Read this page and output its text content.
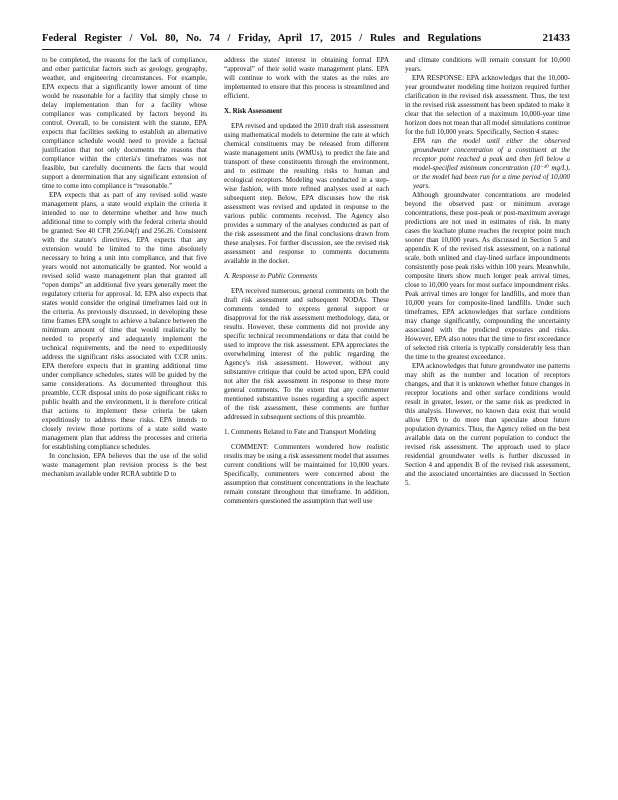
Federal Register / Vol. 80, No. 74 / Friday, April 17, 2015 / Rules and Regulations	21433

to be completed, the reasons for the lack of compliance, and other particular factors such as geology, geography, weather, and engineering circumstances. For example, EPA expects that a significantly lower amount of time would be reasonable for a facility that simply chose to delay implementation than for a facility whose compliance was complicated by factors beyond its control. Overall, to be consistent with the statute, EPA expects that facilities seeking to establish an alternative compliance schedule would need to provide a factual justification that not only documents the reasons that compliance within the criteria's timeframes was not feasible, but carefully documents the facts that would support a determination that any significant extension of time to come into compliance is “reasonable.”

EPA expects that as part of any revised solid waste management plans, a state would explain the criteria it intended to use to determine whether and how much additional time to comply with the federal criteria should be granted. See 40 CFR 256.04(f) and 256.26. Consistent with the statute's directives, EPA expects that any extension would be limited to the time absolutely necessary to bring a unit into compliance, and that five years would not automatically be granted. Nor would a revised solid waste management plan that granted all “open dumps” an additional five years generally meet the regulatory criteria for approval. Id. EPA also expects that states would consider the original timeframes laid out in the criteria. As previously discussed, in developing these time frames EPA sought to achieve a balance between the minimum amount of time that would realistically be needed to properly and adequately implement the technical requirements, and the need to expeditiously address the significant risks associated with CCR units. EPA therefore expects that in granting additional time under compliance schedules, states will be guided by the same considerations. As documented throughout this preamble, CCR disposal units do pose significant risks to public health and the environment, it is therefore critical that actions to implement these criteria be taken expeditiously to address these risks. EPA intends to closely review those portions of a state solid waste management plan that address the processes and criteria for establishing compliance schedules.

In conclusion, EPA believes that the use of the solid waste management plan revision process is the best mechanism available under RCRA subtitle D to

address the states' interest in obtaining formal EPA “approval” of their solid waste management plans. EPA will continue to work with the states as the rules are implemented to ensure that this process is streamlined and efficient.

X. Risk Assessment

EPA revised and updated the 2010 draft risk assessment using mathematical models to determine the rate at which chemical constituents may be released from different waste management units (WMUs), to predict the fate and transport of these constituents through the environment, and to estimate the resulting risks to human and ecological receptors. Modeling was conducted in a step-wise fashion, with more refined analyses used at each subsequent step. Below, EPA discusses how the risk assessment was revised and updated in response to the various public comments received. The Agency also provides a summary of the analyses conducted as part of the risk assessment and the final conclusions drawn from these analyses. For further discussion, see the revised risk assessment and response to comments documents available in the docket.

A. Response to Public Comments

EPA received numerous, general comments on both the draft risk assessment and subsequent NODAs. These comments tended to express general support or disapproval for the risk assessment methodology, data, or results. However, these comments did not provide any specific technical recommendations or data that could be used to improve the risk assessment. EPA appreciates the overwhelming interest of the public regarding the Agency's risk assessment. However, without any substantive critique that could be acted upon, EPA could not alter the risk assessment in response to these more general comments. To the extent that any commenter mentioned substantive issues regarding a specific aspect of the risk assessment, these comments are further addressed in subsequent sections of this preamble.

1. Comments Related to Fate and Transport Modeling

COMMENT: Commenters wondered how realistic results may be using a risk assessment model that assumes current conditions will be maintained for 10,000 years. Specifically, commenters were concerned about the assumption that constituent concentrations in the leachate remain constant throughout that timeframe. In addition, commenters questioned the assumption that well use

and climate conditions will remain constant for 10,000 years.

EPA RESPONSE: EPA acknowledges that the 10,000-year groundwater modeling time horizon required further clarification in the revised risk assessment. Thus, the text in the revised risk assessment has been updated to make it clear that the selection of a maximum 10,000-year time horizon does not mean that all model simulations continue for the full 10,000 years. Specifically, Section 4 states:

EPA ran the model until either the observed groundwater concentration of a constituent at the receptor point reached a peak and then fell below a model-specified minimum concentration (10⁻²⁰ mg/L), or the model had been run for a time period of 10,000 years.

Although groundwater concentrations are modeled beyond the observed past or minimum average concentrations, these post-peak or post-maximum average predictions are not used in estimates of risk. In many cases the leachate plume reaches the receptor point much sooner than 10,000 years. As discussed in Section 5 and appendix K of the revised risk assessment, on a national scale, both unlined and clay-lined surface impoundments consistently pose peak risks within 100 years. Meanwhile, composite liners show much longer peak arrival times, close to 10,000 years for most surface impoundment risks. Peak arrival times are longer for landfills, and more than 10,000 years for composite-lined landfills. Under such timeframes, EPA acknowledges that surface conditions may change significantly, compounding the uncertainty associated with the predicted exposures and risks. However, EPA also notes that the time to first exceedance of selected risk criteria is typically considerably less than the time to the greatest exceedance.

EPA acknowledges that future groundwater use patterns may shift as the number and location of receptors changes, and that it is unknown whether future changes in receptor locations and other surface conditions would result in greater, lesser, or the same risk as predicted in this analysis. However, no known data exist that would allow EPA to do more than speculate about future population dynamics. Thus, the Agency relied on the best available data on the current population to conduct the revised risk assessment. The approach used to place residential groundwater wells is further discussed in Section 4 and appendix B of the revised risk assessment, and the associated uncertainties are discussed in Section 5.
